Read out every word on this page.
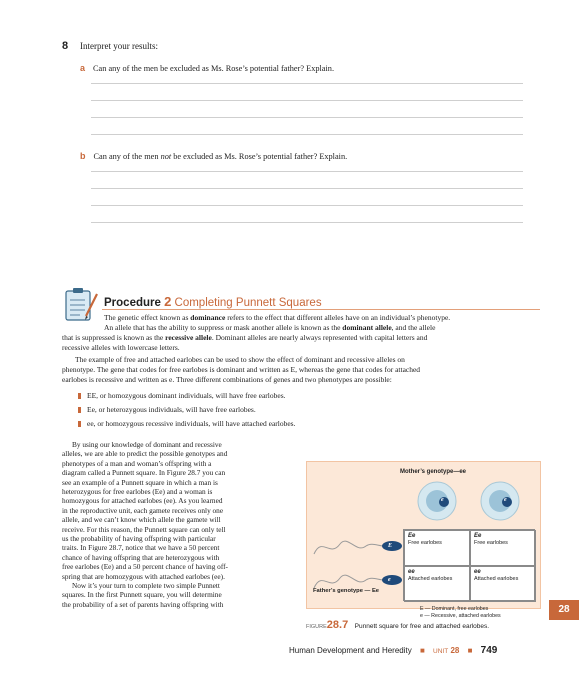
8 Interpret your results:
a Can any of the men be excluded as Ms. Rose’s potential father? Explain.
b Can any of the men not be excluded as Ms. Rose’s potential father? Explain.
Procedure 2 Completing Punnett Squares
The genetic effect known as dominance refers to the effect that different alleles have on an individual’s phenotype.
An allele that has the ability to suppress or mask another allele is known as the dominant allele, and the allele
that is suppressed is known as the recessive allele. Dominant alleles are nearly always represented with capital letters and
recessive alleles with lowercase letters.
The example of free and attached earlobes can be used to show the effect of dominant and recessive alleles on
phenotype. The gene that codes for free earlobes is dominant and written as E, whereas the gene that codes for attached
earlobes is recessive and written as e. Three different combinations of genes and two phenotypes are possible:
EE, or homozygous dominant individuals, will have free earlobes.
Ee, or heterozygous individuals, will have free earlobes.
ee, or homozygous recessive individuals, will have attached earlobes.
By using our knowledge of dominant and recessive
alleles, we are able to predict the possible genotypes and
phenotypes of a man and woman’s offspring with a
diagram called a Punnett square. In Figure 28.7 you can
see an example of a Punnett square in which a man is
heterozygous for free earlobes (Ee) and a woman is
homozygous for attached earlobes (ee). As you learned
in the reproductive unit, each gamete receives only one
allele, and we can’t know which allele the gamete will
receive. For this reason, the Punnett square can only tell
us the probability of having offspring with particular
traits. In Figure 28.7, notice that we have a 50 percent
chance of having offspring that are heterozygous with
free earlobes (Ee) and a 50 percent chance of having off-
spring that are homozygous with attached earlobes (ee).
Now it’s your turn to complete two simple Punnett
squares. In the first Punnett square, you will determine
the probability of a set of parents having offspring with
Mother’s genotype—ee
e	e
E
e
Ee
Free earlobes
Ee
Free earlobes
ee
Attached earlobes
ee
Attached earlobes
Father’s genotype — Ee
E — Dominant, free earlobes
e — Recessive, attached earlobes
FIGURE28.7 Punnett square for free and attached earlobes.
28
Human Development and Heredity ■ UNIT 28 ■ 749
